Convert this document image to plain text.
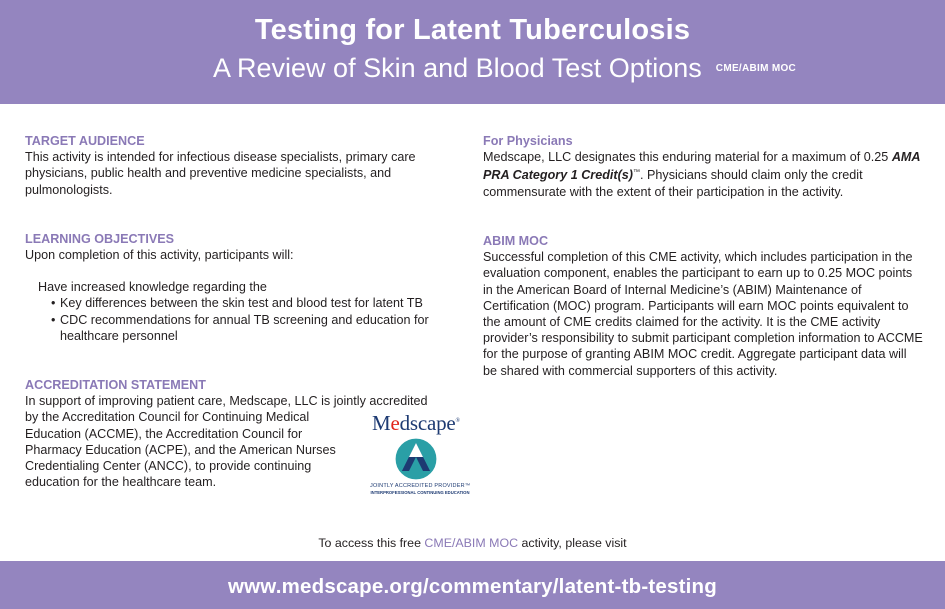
Testing for Latent Tuberculosis
A Review of Skin and Blood Test Options CME/ABIM MOC
TARGET AUDIENCE
This activity is intended for infectious disease specialists, primary care physicians, public health and preventive medicine specialists, and pulmonologists.
LEARNING OBJECTIVES
Upon completion of this activity, participants will:
Have increased knowledge regarding the
• Key differences between the skin test and blood test for latent TB
• CDC recommendations for annual TB screening and education for healthcare personnel
ACCREDITATION STATEMENT
In support of improving patient care, Medscape, LLC is jointly accredited
by the Accreditation Council for Continuing Medical Education (ACCME), the Accreditation Council for Pharmacy Education (ACPE), and the American Nurses Credentialing Center (ANCC), to provide continuing education for the healthcare team.
Medscape®
JOINTLY ACCREDITED PROVIDER™
INTERPROFESSIONAL CONTINUING EDUCATION
For Physicians
Medscape, LLC designates this enduring material for a maximum of 0.25 AMA PRA Category 1 Credit(s)™. Physicians should claim only the credit commensurate with the extent of their participation in the activity.
ABIM MOC
Successful completion of this CME activity, which includes participation in the evaluation component, enables the participant to earn up to 0.25 MOC points in the American Board of Internal Medicine’s (ABIM) Maintenance of Certification (MOC) program. Participants will earn MOC points equivalent to the amount of CME credits claimed for the activity. It is the CME activity provider’s responsibility to submit participant completion information to ACCME for the purpose of granting ABIM MOC credit. Aggregate participant data will be shared with commercial supporters of this activity.
To access this free CME/ABIM MOC activity, please visit
www.medscape.org/commentary/latent-tb-testing
